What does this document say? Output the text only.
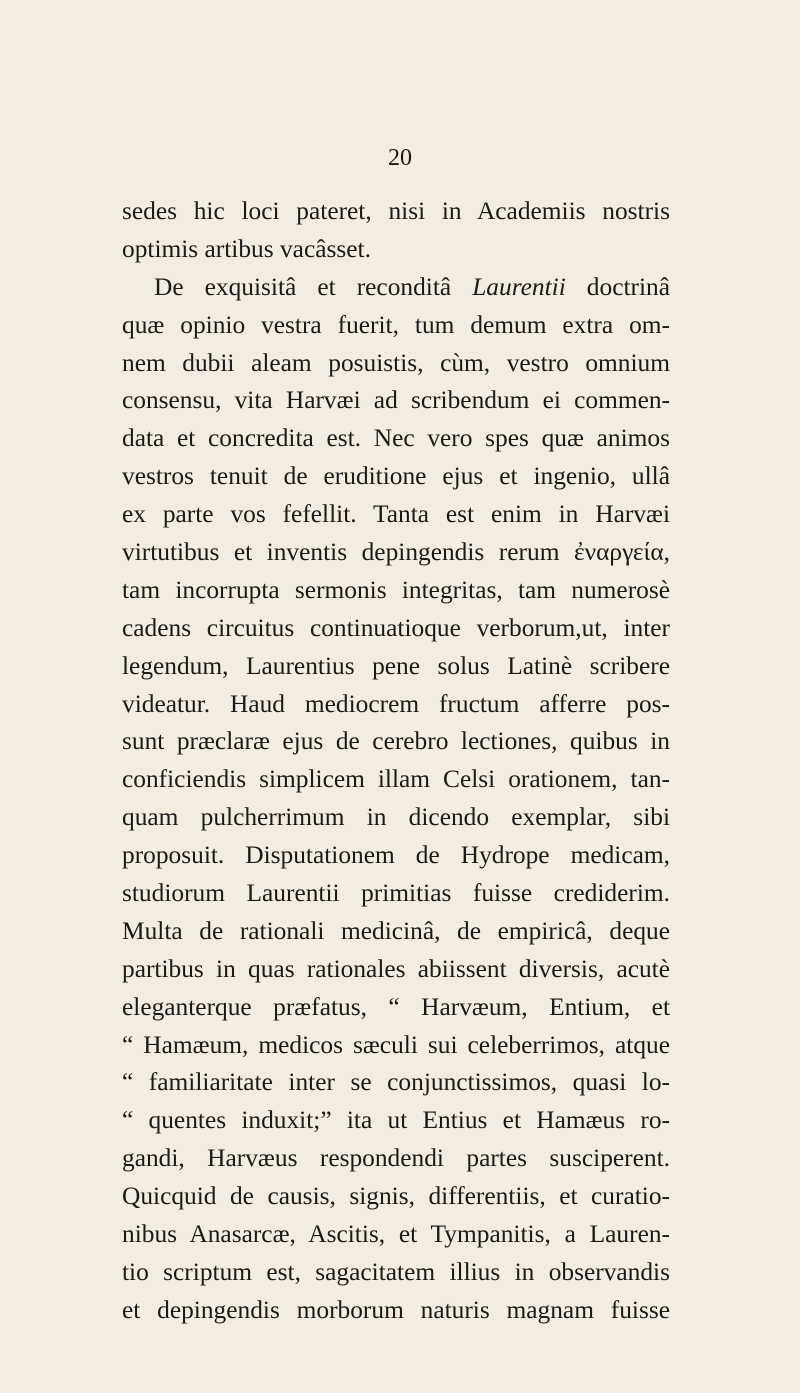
20
sedes hic loci pateret, nisi in Academiis nostris
optimis artibus vacâsset.
De exquisitâ et reconditâ Laurentii doctrinâ
quæ opinio vestra fuerit, tum demum extra om-
nem dubii aleam posuistis, cùm, vestro omnium
consensu, vita Harvæi ad scribendum ei commen-
data et concredita est. Nec vero spes quæ animos
vestros tenuit de eruditione ejus et ingenio, ullâ
ex parte vos fefellit. Tanta est enim in Harvæi
virtutibus et inventis depingendis rerum ἐναργεία,
tam incorrupta sermonis integritas, tam numerosè
cadens circuitus continuatioque verborum,ut, inter
legendum, Laurentius pene solus Latinè scribere
videatur. Haud mediocrem fructum afferre pos-
sunt præclaræ ejus de cerebro lectiones, quibus in
conficiendis simplicem illam Celsi orationem, tan-
quam pulcherrimum in dicendo exemplar, sibi
proposuit. Disputationem de Hydrope medicam,
studiorum Laurentii primitias fuisse crediderim.
Multa de rationali medicinâ, de empiricâ, deque
partibus in quas rationales abiissent diversis, acutè
eleganterque præfatus, “ Harvæum, Entium, et
“ Hamæum, medicos sæculi sui celeberrimos, atque
“ familiaritate inter se conjunctissimos, quasi lo-
“ quentes induxit;” ita ut Entius et Hamæus ro-
gandi, Harvæus respondendi partes susciperent.
Quicquid de causis, signis, differentiis, et curatio-
nibus Anasarcæ, Ascitis, et Tympanitis, a Lauren-
tio scriptum est, sagacitatem illius in observandis
et depingendis morborum naturis magnam fuisse
